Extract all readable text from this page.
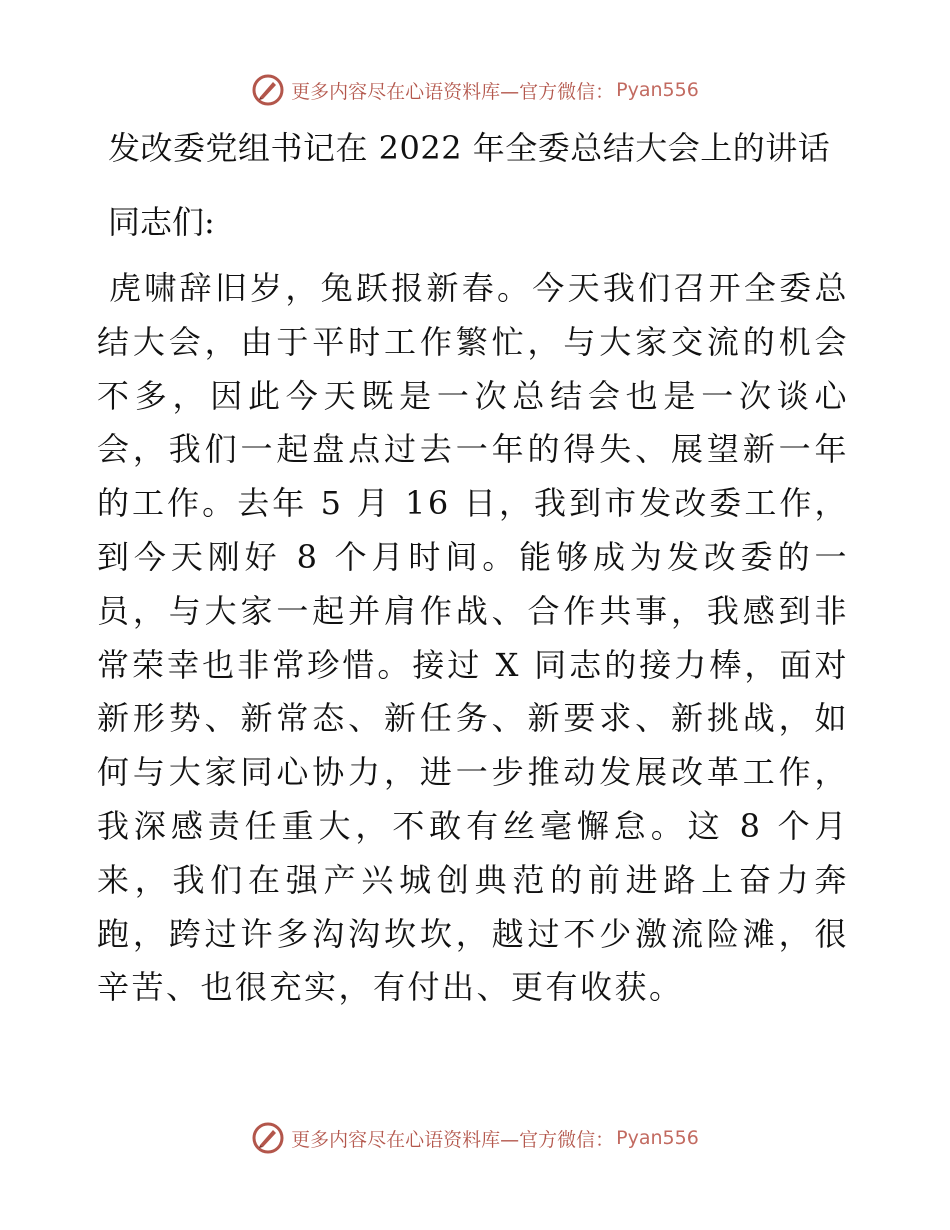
更多内容尽在心语资料库—官方微信： Pyan556
发改委党组书记在 2022 年全委总结大会上的讲话
同志们:

虎啸辞旧岁，兔跃报新春。今天我们召开全委总结大会，由于平时工作繁忙，与大家交流的机会不多，因此今天既是一次总结会也是一次谈心会，我们一起盘点过去一年的得失、展望新一年的工作。去年 5 月 16 日，我到市发改委工作，到今天刚好 8 个月时间。能够成为发改委的一员，与大家一起并肩作战、合作共事，我感到非常荣幸也非常珍惜。接过 X 同志的接力棒，面对新形势、新常态、新任务、新要求、新挑战，如何与大家同心协力，进一步推动发展改革工作，我深感责任重大，不敢有丝毫懈怠。这 8 个月来，我们在强产兴城创典范的前进路上奋力奔跑，跨过许多沟沟坎坎，越过不少激流险滩，很辛苦、也很充实，有付出、更有收获。

更多内容尽在心语资料库—官方微信： Pyan556
